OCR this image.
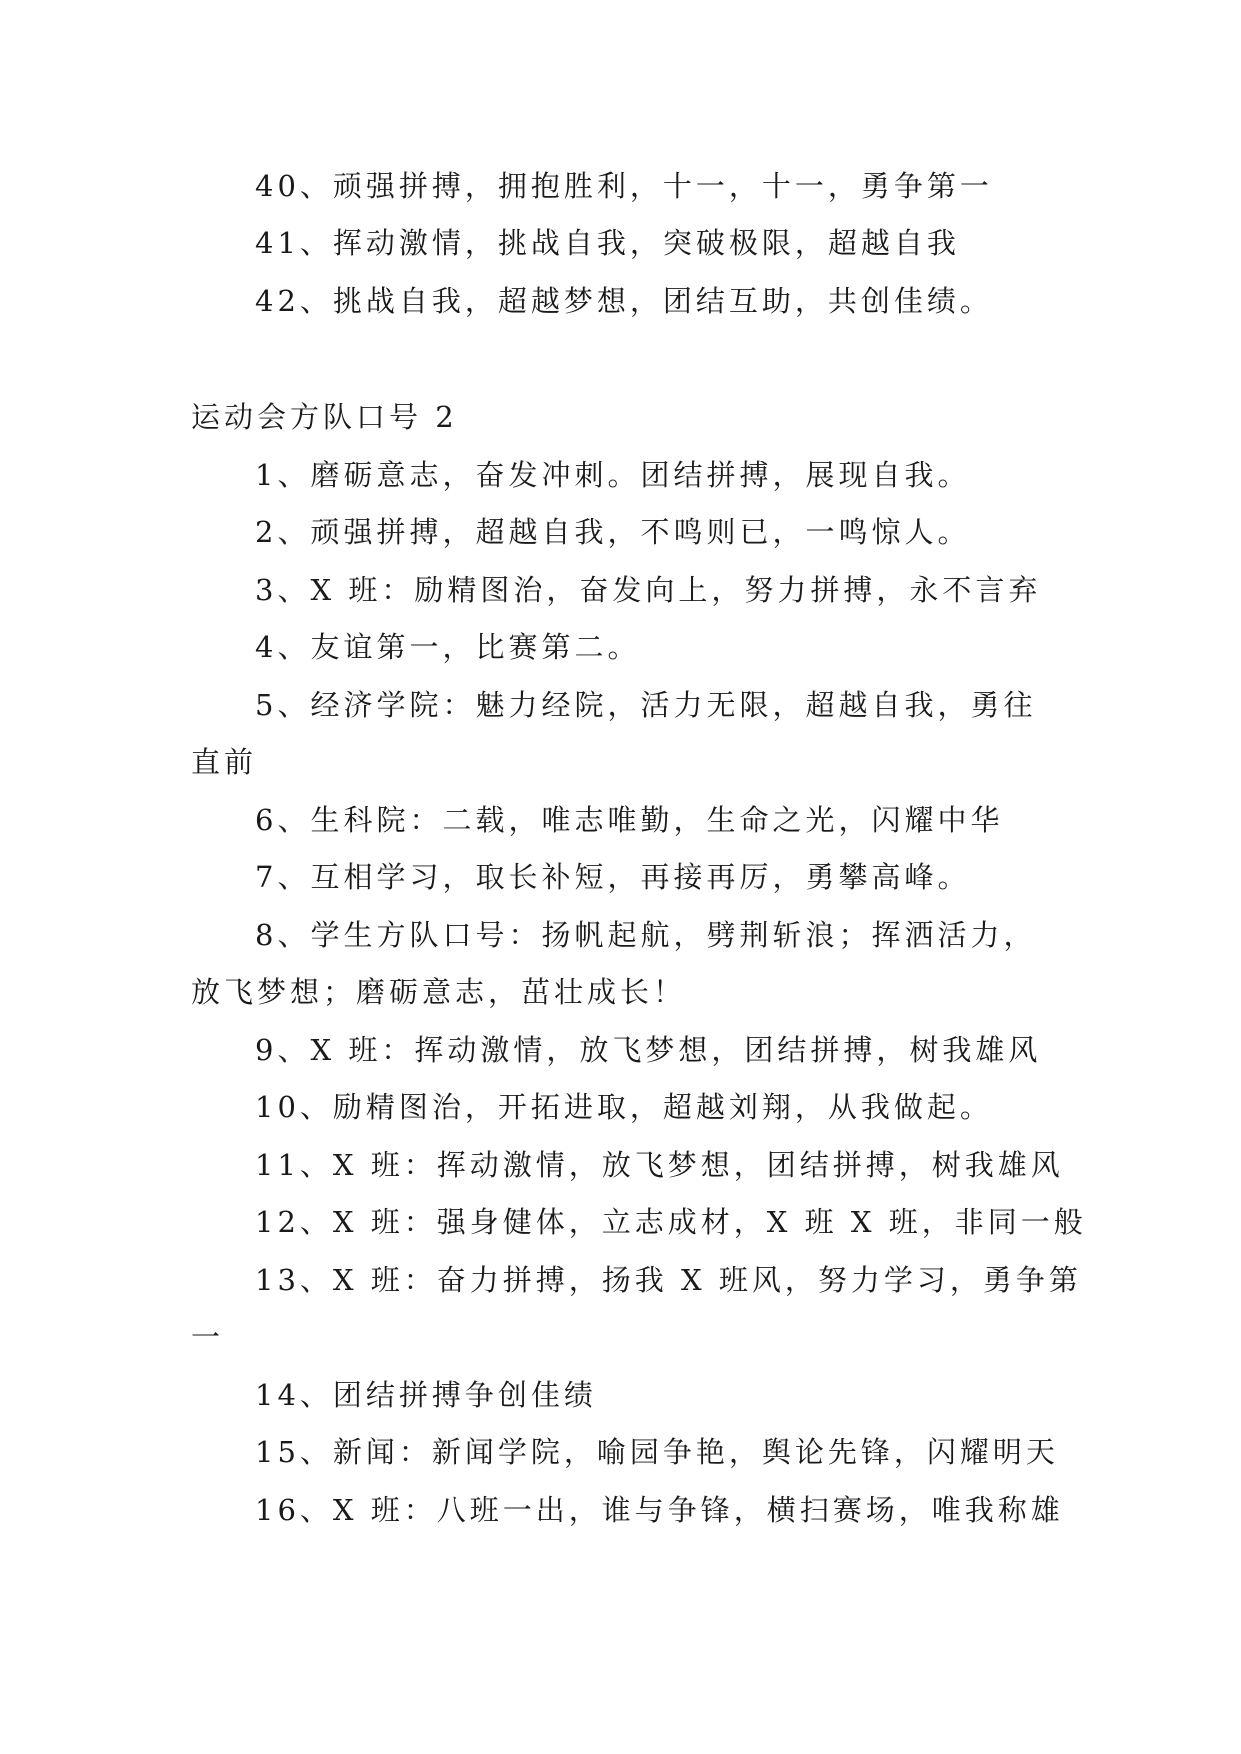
40、顽强拼搏，拥抱胜利，十一，十一，勇争第一
41、挥动激情，挑战自我，突破极限，超越自我
42、挑战自我，超越梦想，团结互助，共创佳绩。
运动会方队口号 2
1、磨砺意志，奋发冲刺。团结拼搏，展现自我。
2、顽强拼搏，超越自我，不鸣则已，一鸣惊人。
3、X 班：励精图治，奋发向上，努力拼搏，永不言弃
4、友谊第一，比赛第二。
5、经济学院：魅力经院，活力无限，超越自我，勇往
直前
6、生科院：二载，唯志唯勤，生命之光，闪耀中华
7、互相学习，取长补短，再接再厉，勇攀高峰。
8、学生方队口号：扬帆起航，劈荆斩浪；挥洒活力，
放飞梦想；磨砺意志，茁壮成长！
9、X 班：挥动激情，放飞梦想，团结拼搏，树我雄风
10、励精图治，开拓进取，超越刘翔，从我做起。
11、X 班：挥动激情，放飞梦想，团结拼搏，树我雄风
12、X 班：强身健体，立志成材，X 班 X 班，非同一般
13、X 班：奋力拼搏，扬我 X 班风，努力学习，勇争第
一
14、团结拼搏争创佳绩
15、新闻：新闻学院，喻园争艳，舆论先锋，闪耀明天
16、X 班：八班一出，谁与争锋，横扫赛场，唯我称雄
